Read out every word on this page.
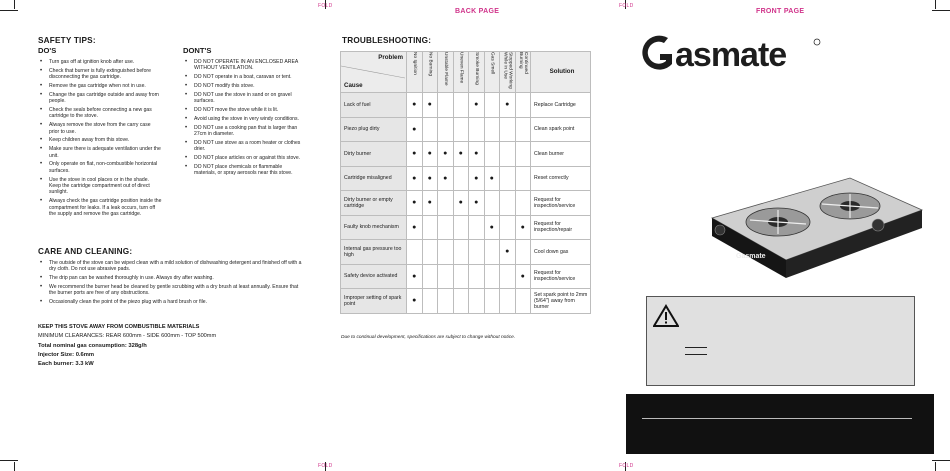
FOLD	FOLD
FOLD	FOLD
BACK PAGE	FRONT PAGE
SAFETY TIPS:
DO'S
• Turn gas off at ignition knob after use.
• Check that burner is fully extinguished before disconnecting the gas cartridge.
• Remove the gas cartridge when not in use.
• Change the gas cartridge outside and away from people.
• Check the seals before connecting a new gas cartridge to the stove.
• Always remove the stove from the carry case prior to use.
• Keep children away from this stove.
• Make sure there is adequate ventilation under the unit.
• Only operate on flat, non-combustible horizontal surfaces.
• Use the stove in cool places or in the shade. Keep the cartridge compartment out of direct sunlight.
• Always check the gas cartridge position inside the compartment for leaks. If a leak occurs, turn off the supply and remove the gas cartridge.
DONT'S
• DO NOT OPERATE IN AN ENCLOSED AREA WITHOUT VENTILATION.
• DO NOT operate in a boat, caravan or tent.
• DO NOT modify this stove.
• DO NOT use the stove in sand or on gravel surfaces.
• DO NOT move the stove while it is lit.
• Avoid using the stove in very windy conditions.
• DO NOT use a cooking pan that is larger than 27cm in diameter.
• DO NOT use stove as a room heater or clothes drier.
• DO NOT place articles on or against this stove.
• DO NOT place chemicals or flammable materials, or spray aerosols near this stove.
CARE AND CLEANING:
• The outside of the stove can be wiped clean with a mild solution of dishwashing detergent and finished off with a dry cloth. Do not use abrasive pads.
• The drip pan can be washed thoroughly in use. Always dry after washing.
• We recommend the burner head be cleaned by gentle scrubbing with a dry brush at least annually. Ensure that the burner ports are free of any obstructions.
• Occasionally clean the point of the piezo plug with a hard brush or file.
KEEP THIS STOVE AWAY FROM COMBUSTIBLE MATERIALS
MINIMUM CLEARANCES: REAR 600mm - SIDE 600mm - TOP 500mm
Total nominal gas consumption: 328g/h
Injector Size: 0.6mm
Each burner: 3.3 kW
TROUBLESHOOTING:
Problem
Cause	No Ignition	No Burning	Unstable Flame	Uneven Flame	Smoke Burning	Gas Smell	Stopped Working While in Use	Continued Burning	Solution
Lack of fuel	●	●			●		●		Replace Cartridge
Piezo plug dirty	●								Clean spark point
Dirty burner	●	●	●	●	●				Clean burner
Cartridge misaligned	●	●	●		●	●			Reset correctly
Dirty burner or empty cartridge	●	●		●	●				Request for inspection/service
Faulty knob mechanism	●					●		●	Request for inspection/repair
Internal gas pressure too high							●		Cool down gas
Safety device activated	●							●	Request for inspection/service
Improper setting of spark point	●								Set spark point to 2mm (5/64") away from burner
Due to continual development, specifications are subject to change without notice.
asmate
Gasmate
